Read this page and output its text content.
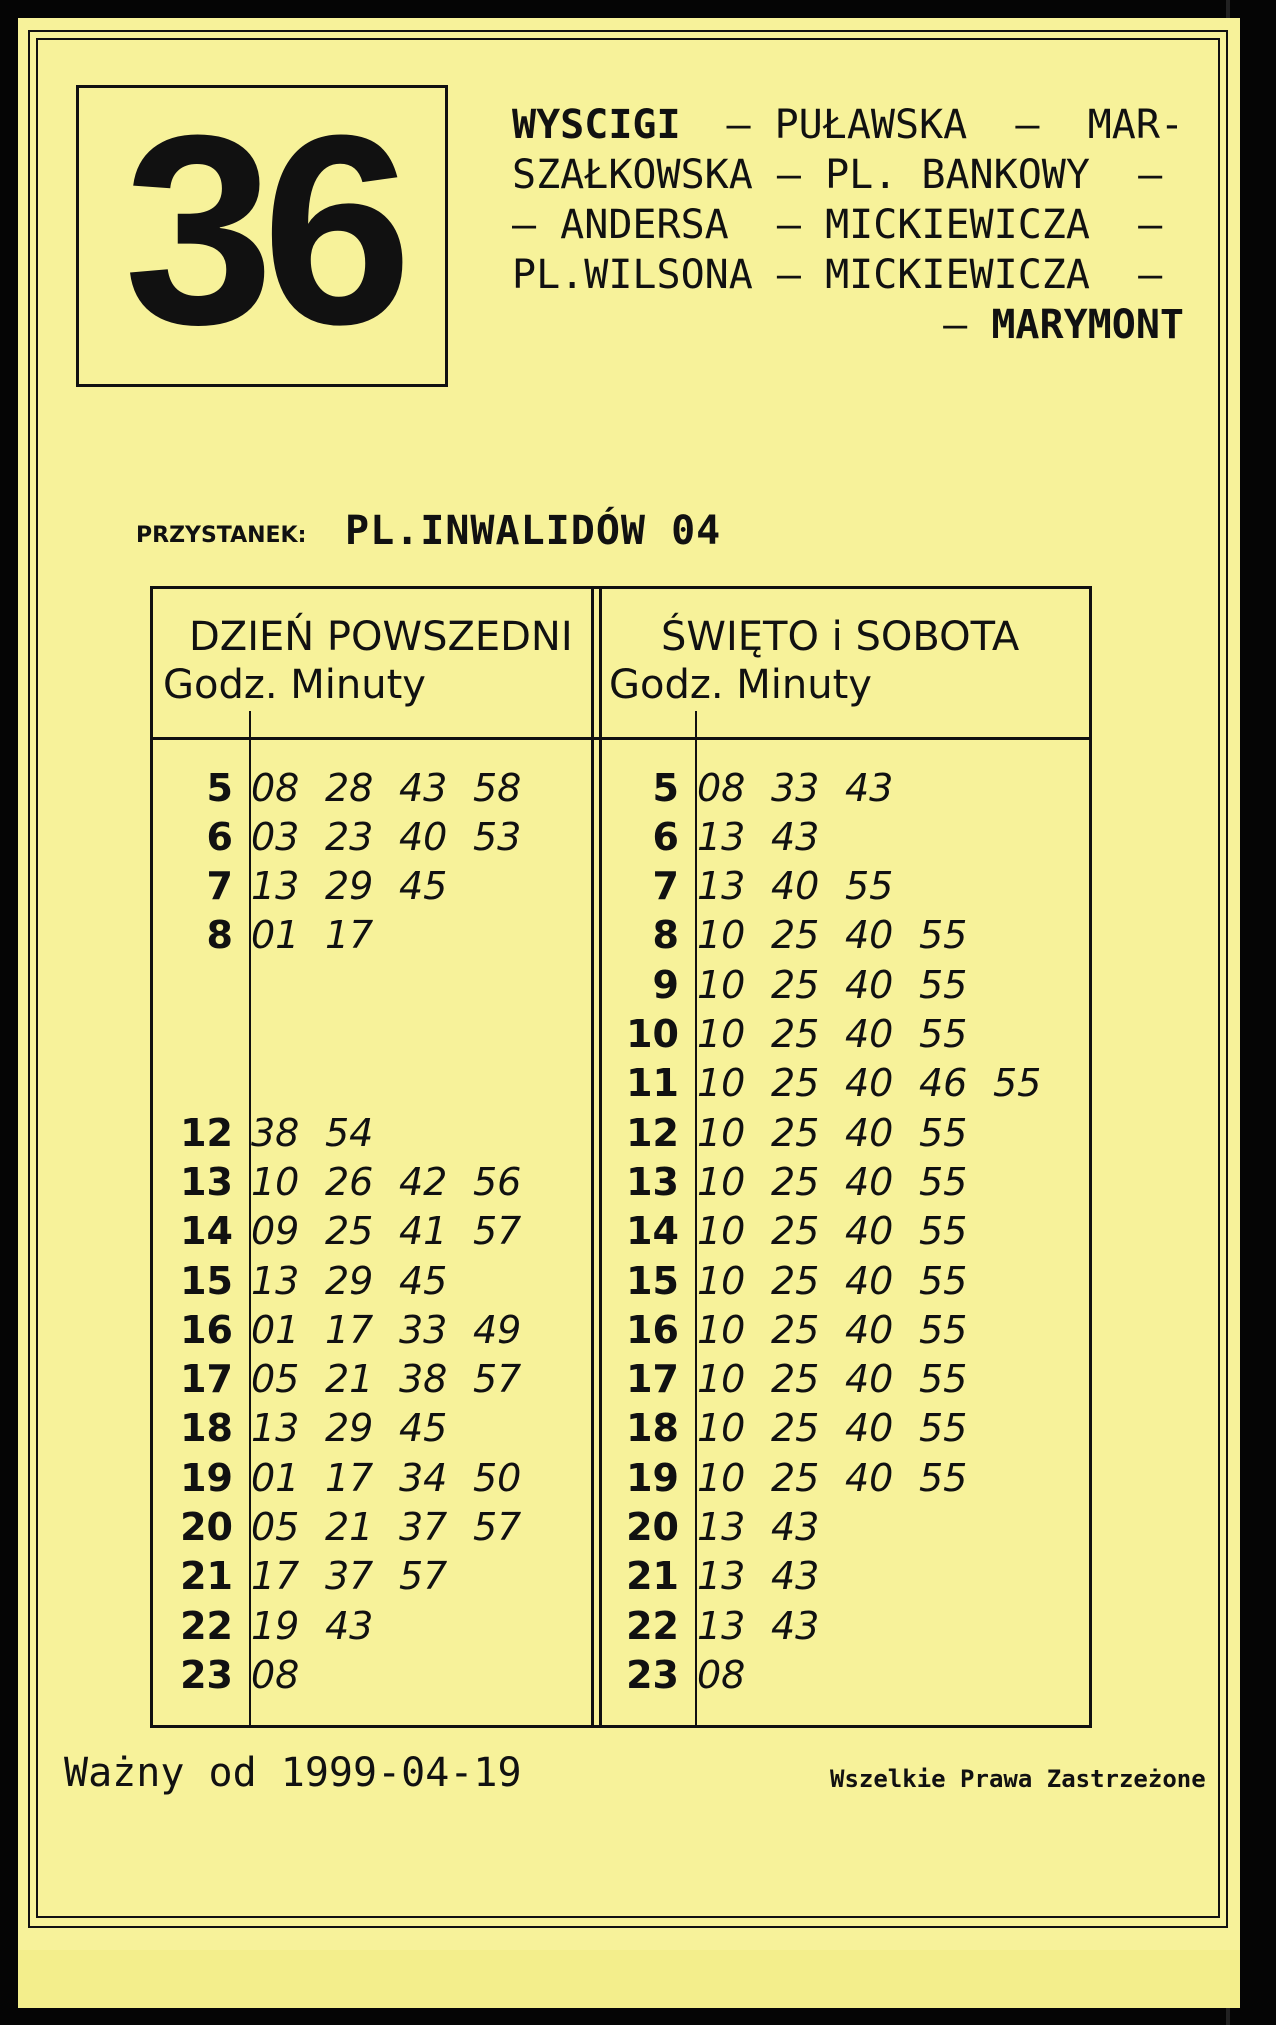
36	WYSCIGI – PUŁAWSKA  –  MAR-
SZAŁKOWSKA – PL. BANKOWY  –
– ANDERSA  – MICKIEWICZA  –
PL.WILSONA – MICKIEWICZA  –
– MARYMONT
PRZYSTANEK: PL.INWALIDÓW 04
DZIEŃ POWSZEDNI
Godz. Minuty
ŚWIĘTO i SOBOTA
Godz. Minuty
5 08 28 43 58
6 03 23 40 53
7 13 29 45
8 01 17
12 38 54
13 10 26 42 56
14 09 25 41 57
15 13 29 45
16 01 17 33 49
17 05 21 38 57
18 13 29 45
19 01 17 34 50
20 05 21 37 57
21 17 37 57
22 19 43
23 08
5 08 33 43
6 13 43
7 13 40 55
8 10 25 40 55
9 10 25 40 55
10 10 25 40 55
11 10 25 40 46 55
12 10 25 40 55
13 10 25 40 55
14 10 25 40 55
15 10 25 40 55
16 10 25 40 55
17 10 25 40 55
18 10 25 40 55
19 10 25 40 55
20 13 43
21 13 43
22 13 43
23 08
Ważny od 1999-04-19	Wszelkie Prawa Zastrzeżone
